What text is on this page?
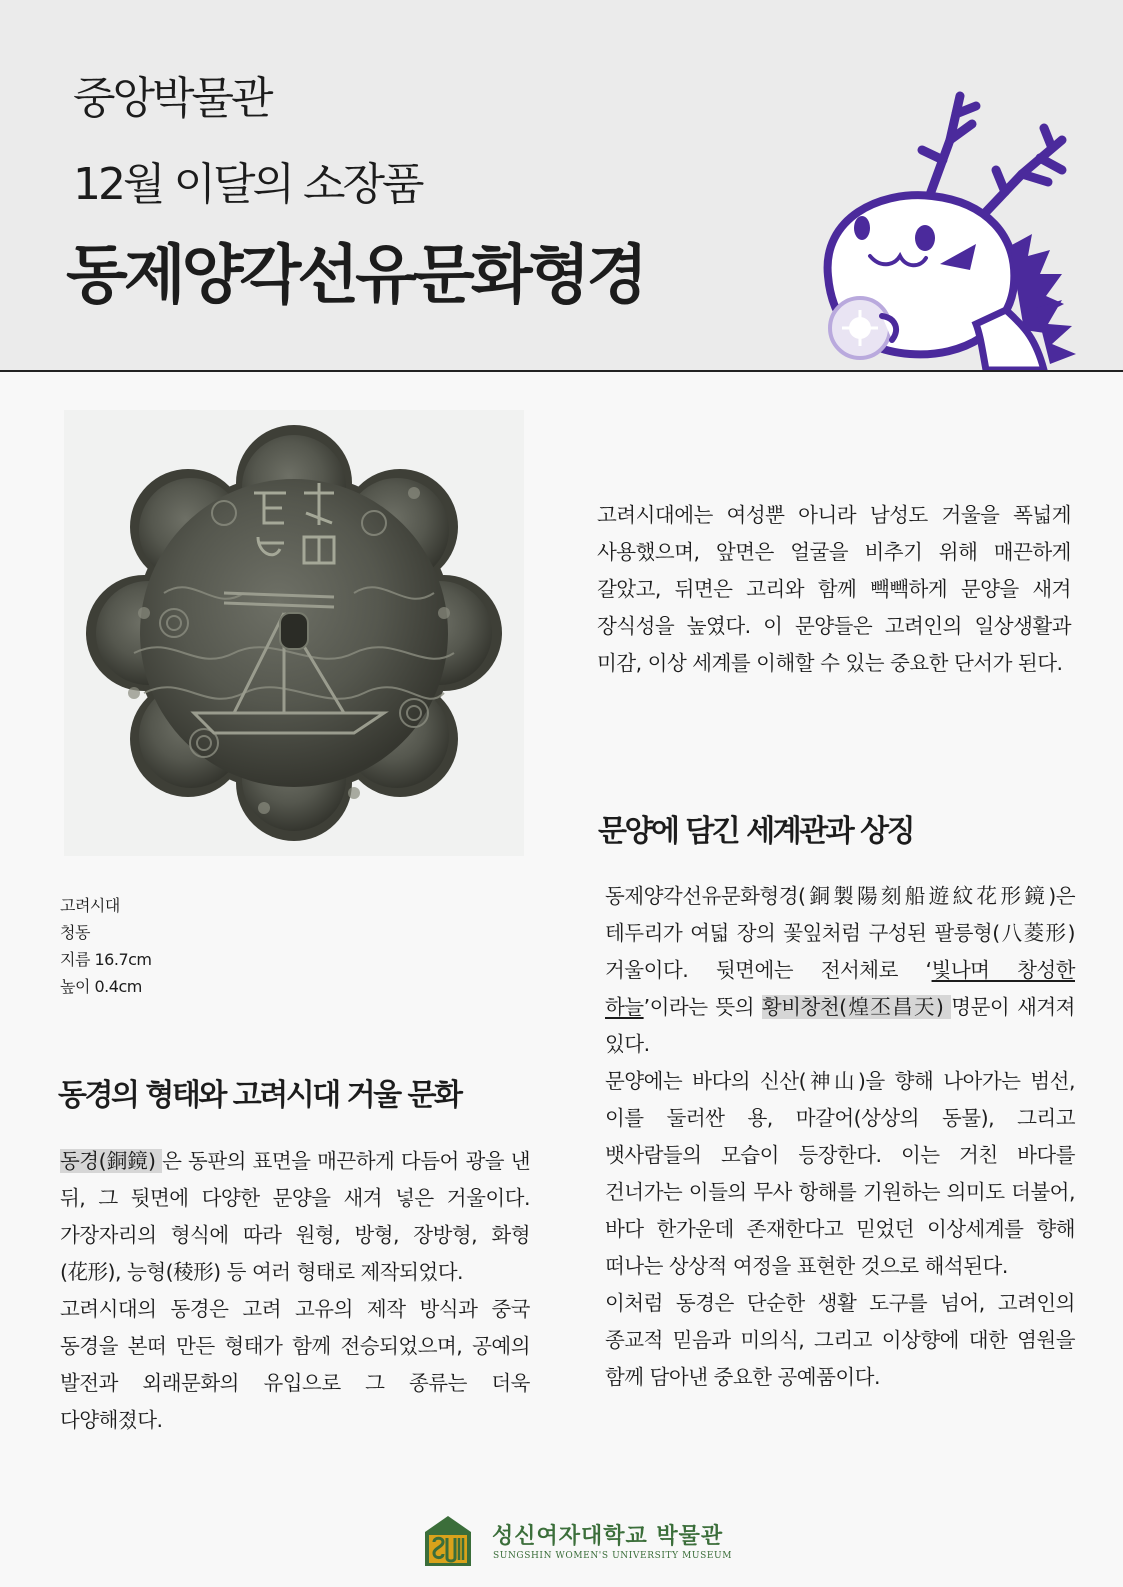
중앙박물관
12월 이달의 소장품
동제양각선유문화형경
고려시대
청동
지름 16.7cm
높이 0.4cm

고려시대에는 여성뿐 아니라 남성도 거울을 폭넓게 사용했으며, 앞면은 얼굴을 비추기 위해 매끈하게 갈았고, 뒤면은 고리와 함께 빽빽하게 문양을 새겨 장식성을 높였다. 이 문양들은 고려인의 일상생활과 미감, 이상 세계를 이해할 수 있는 중요한 단서가 된다.

문양에 담긴 세계관과 상징

동제양각선유문화형경(銅製陽刻船遊紋花形鏡)은 테두리가 여덟 장의 꽃잎처럼 구성된 팔릉형(八菱形) 거울이다. 뒷면에는 전서체로 ‘빛나며 창성한 하늘’이라는 뜻의 황비창천(煌丕昌天) 명문이 새겨져 있다.

문양에는 바다의 신산(神山)을 향해 나아가는 범선, 이를 둘러싼 용, 마갈어(상상의 동물), 그리고 뱃사람들의 모습이 등장한다. 이는 거친 바다를 건너가는 이들의 무사 항해를 기원하는 의미도 더불어, 바다 한가운데 존재한다고 믿었던 이상세계를 향해 떠나는 상상적 여정을 표현한 것으로 해석된다.

이처럼 동경은 단순한 생활 도구를 넘어, 고려인의 종교적 믿음과 미의식, 그리고 이상향에 대한 염원을 함께 담아낸 중요한 공예품이다.

동경의 형태와 고려시대 거울 문화

동경(銅鏡) 은 동판의 표면을 매끈하게 다듬어 광을 낸 뒤, 그 뒷면에 다양한 문양을 새겨 넣은 거울이다. 가장자리의 형식에 따라 원형, 방형, 장방형, 화형(花形), 능형(稜形) 등 여러 형태로 제작되었다.

고려시대의 동경은 고려 고유의 제작 방식과 중국 동경을 본떠 만든 형태가 함께 전승되었으며, 공예의 발전과 외래문화의 유입으로 그 종류는 더욱 다양해졌다.

성신여자대학교 박물관
SUNGSHIN WOMEN'S UNIVERSITY MUSEUM
